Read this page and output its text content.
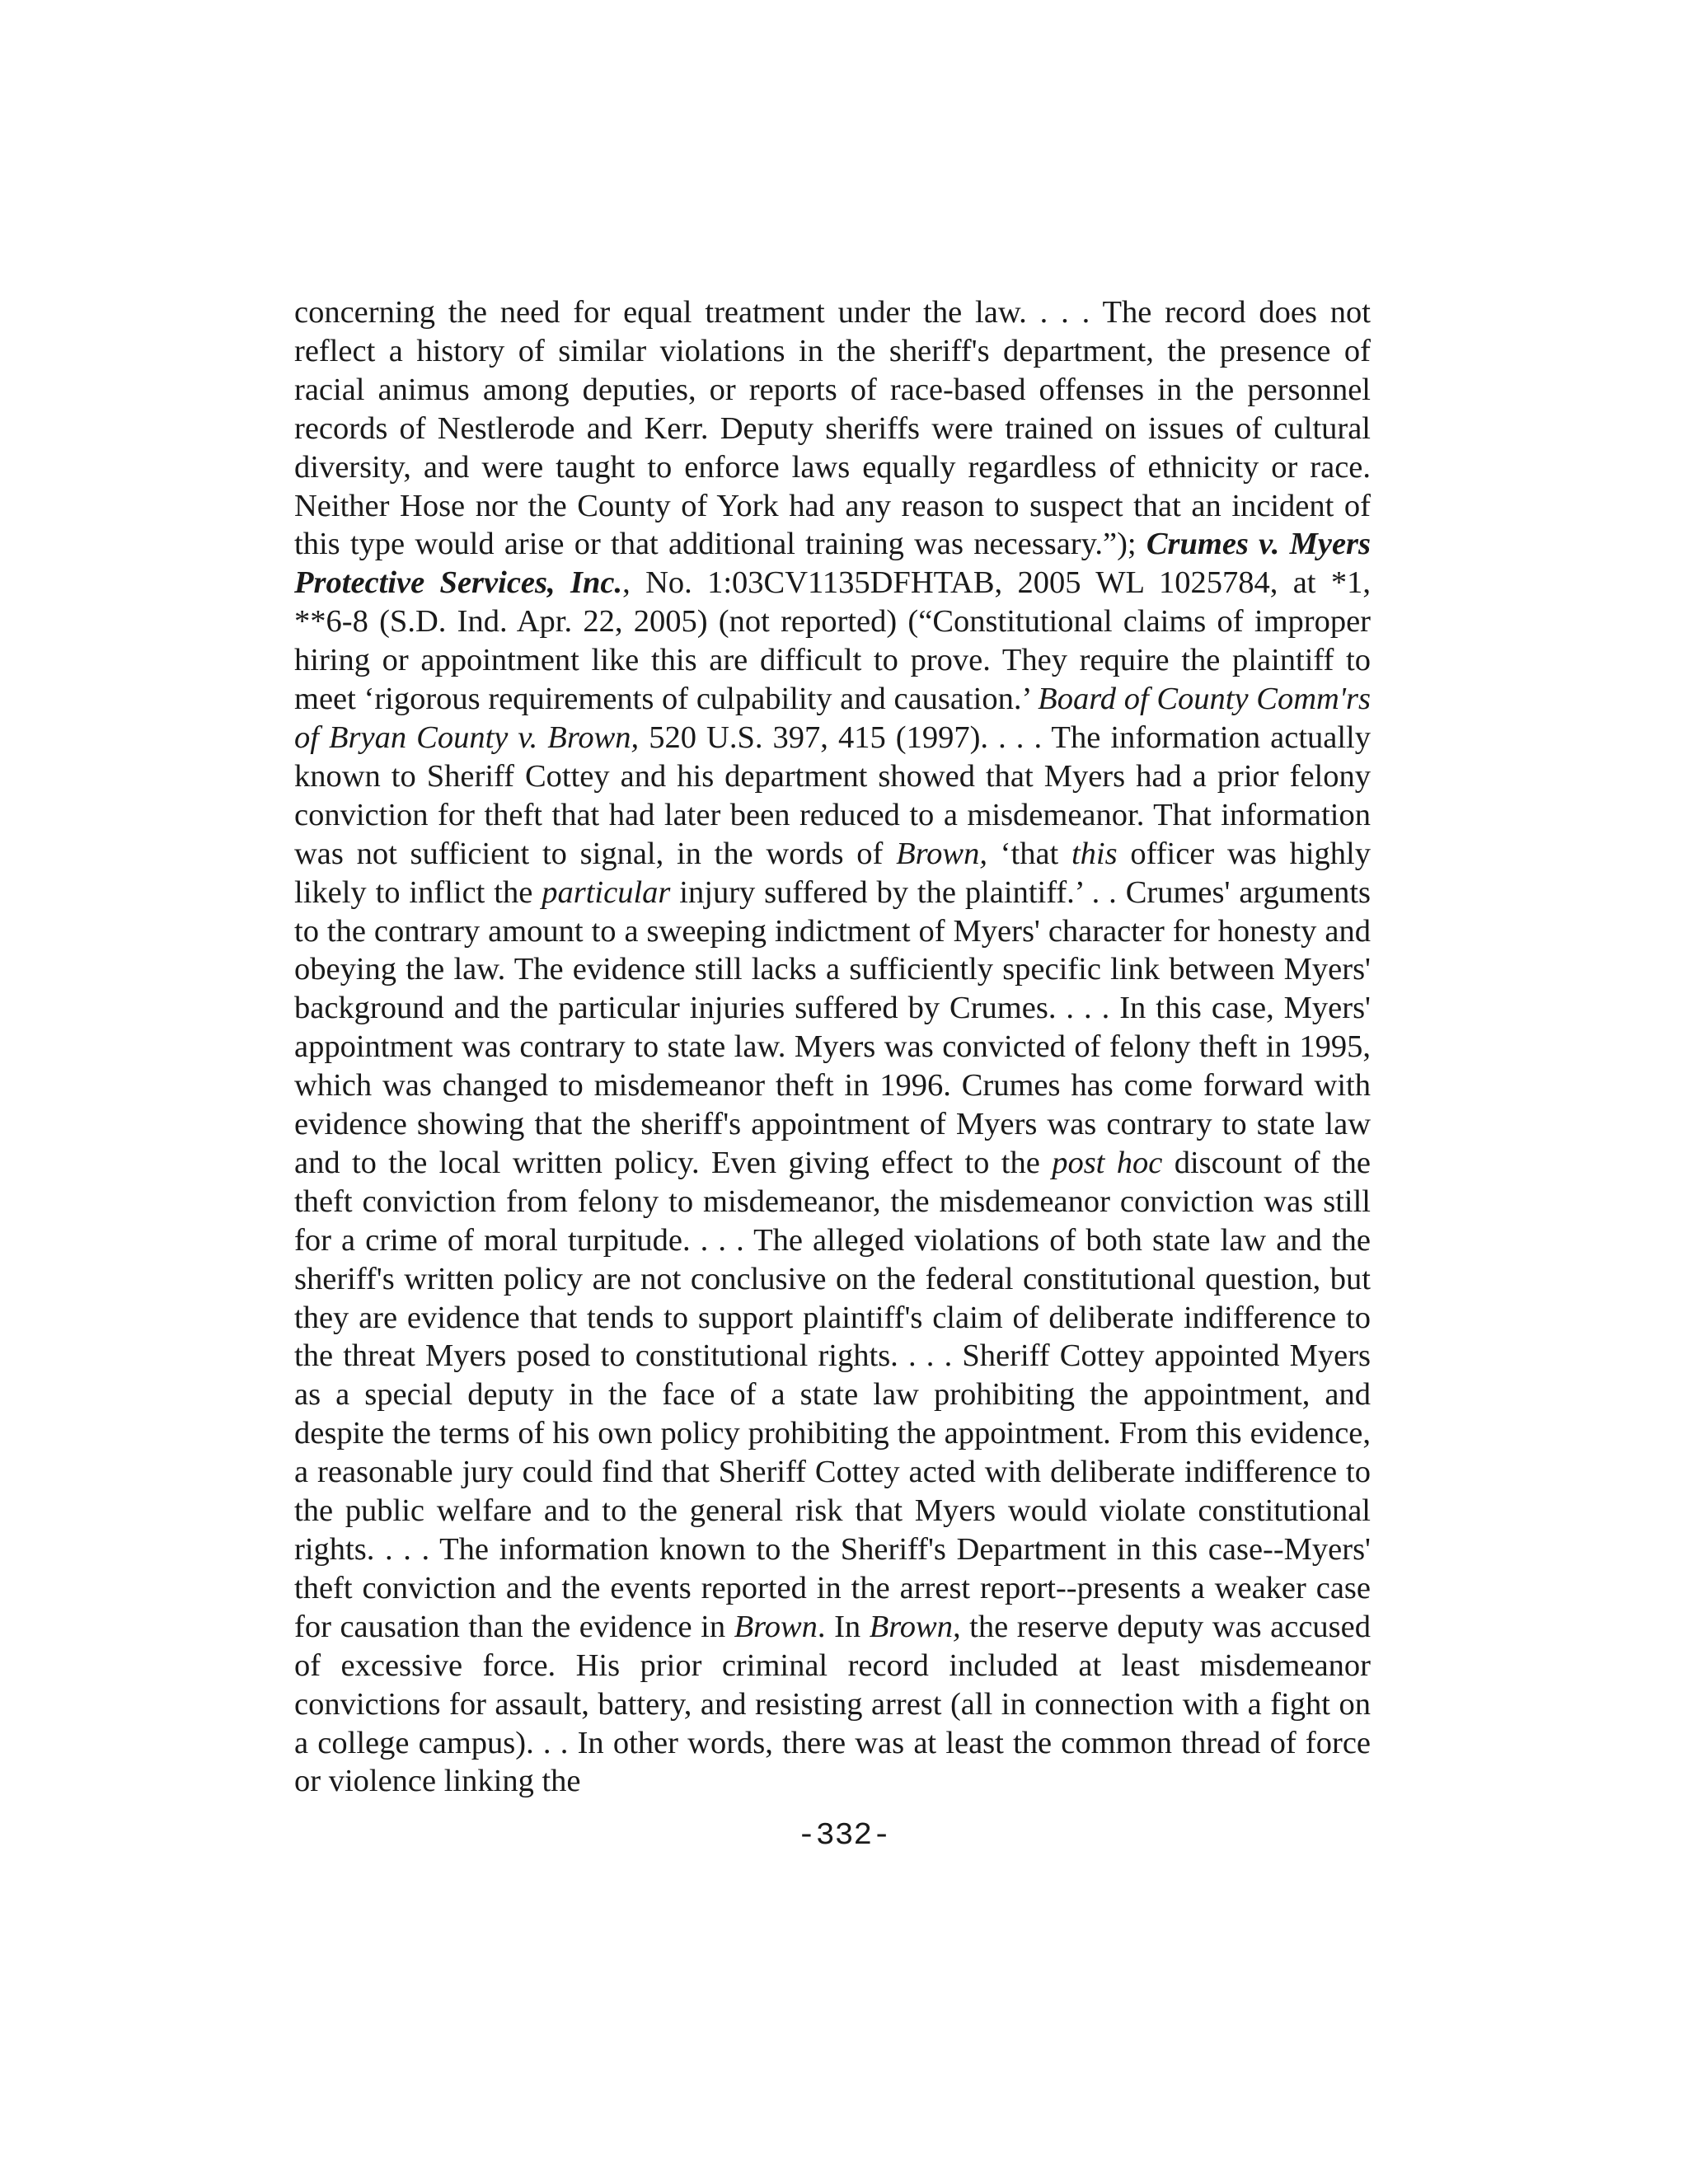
concerning the need for equal treatment under the law. . . . The record does not reflect a history of similar violations in the sheriff's department, the presence of racial animus among deputies, or reports of race-based offenses in the personnel records of Nestlerode and Kerr. Deputy sheriffs were trained on issues of cultural diversity, and were taught to enforce laws equally regardless of ethnicity or race. Neither Hose nor the County of York had any reason to suspect that an incident of this type would arise or that additional training was necessary.”); Crumes v. Myers Protective Services, Inc., No. 1:03CV1135DFHTAB, 2005 WL 1025784, at *1, **6-8 (S.D. Ind. Apr. 22, 2005) (not reported) (“Constitutional claims of improper hiring or appointment like this are difficult to prove. They require the plaintiff to meet ‘rigorous requirements of culpability and causation.’ Board of County Comm'rs of Bryan County v. Brown, 520 U.S. 397, 415 (1997). . . . The information actually known to Sheriff Cottey and his department showed that Myers had a prior felony conviction for theft that had later been reduced to a misdemeanor. That information was not sufficient to signal, in the words of Brown, ‘that this officer was highly likely to inflict the particular injury suffered by the plaintiff.’ . . Crumes' arguments to the contrary amount to a sweeping indictment of Myers' character for honesty and obeying the law. The evidence still lacks a sufficiently specific link between Myers' background and the particular injuries suffered by Crumes. . . . In this case, Myers' appointment was contrary to state law. Myers was convicted of felony theft in 1995, which was changed to misdemeanor theft in 1996. Crumes has come forward with evidence showing that the sheriff's appointment of Myers was contrary to state law and to the local written policy. Even giving effect to the post hoc discount of the theft conviction from felony to misdemeanor, the misdemeanor conviction was still for a crime of moral turpitude. . . . The alleged violations of both state law and the sheriff's written policy are not conclusive on the federal constitutional question, but they are evidence that tends to support plaintiff's claim of deliberate indifference to the threat Myers posed to constitutional rights. . . . Sheriff Cottey appointed Myers as a special deputy in the face of a state law prohibiting the appointment, and despite the terms of his own policy prohibiting the appointment. From this evidence, a reasonable jury could find that Sheriff Cottey acted with deliberate indifference to the public welfare and to the general risk that Myers would violate constitutional rights. . . . The information known to the Sheriff's Department in this case--Myers' theft conviction and the events reported in the arrest report--presents a weaker case for causation than the evidence in Brown. In Brown, the reserve deputy was accused of excessive force. His prior criminal record included at least misdemeanor convictions for assault, battery, and resisting arrest (all in connection with a fight on a college campus). . . In other words, there was at least the common thread of force or violence linking the

-332-
